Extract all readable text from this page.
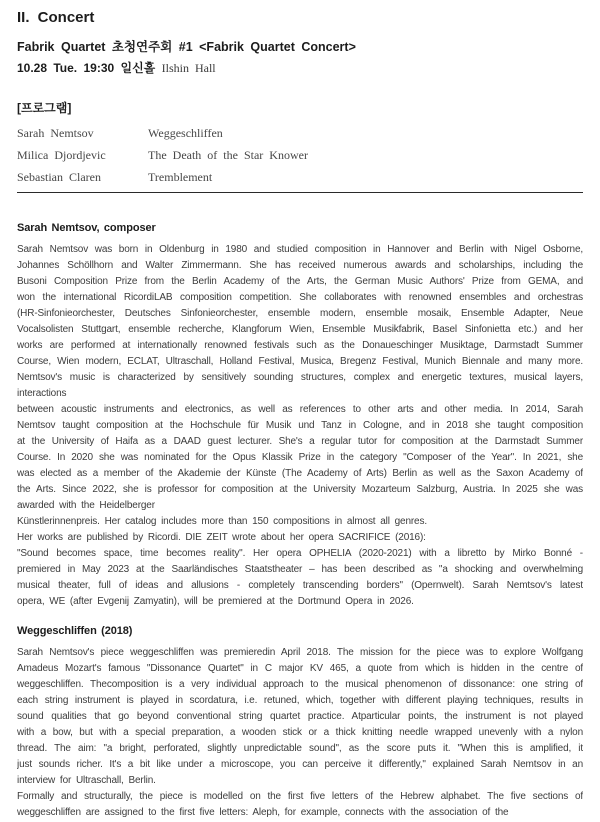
II. Concert
Fabrik Quartet 초청연주회 #1 <Fabrik Quartet Concert>
10.28 Tue. 19:30 일신홀 Ilshin Hall
[프로그램]
Sarah Nemtsov	Weggeschliffen
Milica Djordjevic	The Death of the Star Knower
Sebastian Claren	Tremblement
Sarah Nemtsov, composer
Sarah Nemtsov was born in Oldenburg in 1980 and studied composition in Hannover and Berlin with Nigel Osborne,
Johannes Schöllhorn and Walter Zimmermann. She has received numerous awards and scholarships, including the
Busoni Composition Prize from the Berlin Academy of the Arts, the German Music Authors' Prize from GEMA, and
won the international RicordiLAB composition competition. She collaborates with renowned ensembles and orchestras
(HR-Sinfonieorchester, Deutsches Sinfonieorchester, ensemble modern, ensemble mosaik, Ensemble Adapter, Neue
Vocalsolisten Stuttgart, ensemble recherche, Klangforum Wien, Ensemble Musikfabrik, Basel Sinfonietta etc.) and her
works are performed at internationally renowned festivals such as the Donaueschinger Musiktage, Darmstadt Summer
Course, Wien modern, ECLAT, Ultraschall, Holland Festival, Musica, Bregenz Festival, Munich Biennale and many more.
Nemtsov's music is characterized by sensitively sounding structures, complex and energetic textures, musical layers,
interactions
between acoustic instruments and electronics, as well as references to other arts and other media. In 2014, Sarah
Nemtsov taught composition at the Hochschule für Musik und Tanz in Cologne, and in 2018 she taught composition
at the University of Haifa as a DAAD guest lecturer. She's a regular tutor for composition at the Darmstadt Summer
Course. In 2020 she was nominated for the Opus Klassik Prize in the category "Composer of the Year". In 2021, she
was elected as a member of the Akademie der Künste (The Academy of Arts) Berlin as well as the Saxon Academy of
the Arts. Since 2022, she is professor for composition at the University Mozarteum Salzburg, Austria. In 2025 she was
awarded with the Heidelberger
Künstlerinnenpreis. Her catalog includes more than 150 compositions in almost all genres.
Her works are published by Ricordi. DIE ZEIT wrote about her opera SACRIFICE (2016):
"Sound becomes space, time becomes reality". Her opera OPHELIA (2020-2021) with a libretto by Mirko Bonné -
premiered in May 2023 at the Saarländisches Staatstheater – has been described as "a shocking and overwhelming
musical theater, full of ideas and allusions - completely transcending borders" (Opernwelt). Sarah Nemtsov's latest
opera, WE (after Evgenij Zamyatin), will be premiered at the Dortmund Opera in 2026.
Weggeschliffen (2018)
Sarah Nemtsov's piece weggeschliffen was premieredin April 2018. The mission for the piece was to explore Wolfgang
Amadeus Mozart's famous "Dissonance Quartet" in C major KV 465, a quote from which is hidden in the centre of
weggeschliffen. Thecomposition is a very individual approach to the musical phenomenon of dissonance: one string of
each string instrument is played in scordatura, i.e. retuned, which, together with different playing techniques, results in
sound qualities that go beyond conventional string quartet practice. Atparticular points, the instrument is not played
with a bow, but with a special preparation, a wooden stick or a thick knitting needle wrapped unevenly with a nylon
thread. The aim: "a bright, perforated, slightly unpredictable sound", as the score puts it. "When this is amplified, it
just sounds richer. It's a bit like under a microscope, you can perceive it differently," explained Sarah Nemtsov in an
interview for Ultraschall, Berlin.
Formally and structurally, the piece is modelled on the first five letters of the Hebrew alphabet. The five sections of
weggeschliffen are assigned to the first five letters: Aleph, for example, connects with the association of the
